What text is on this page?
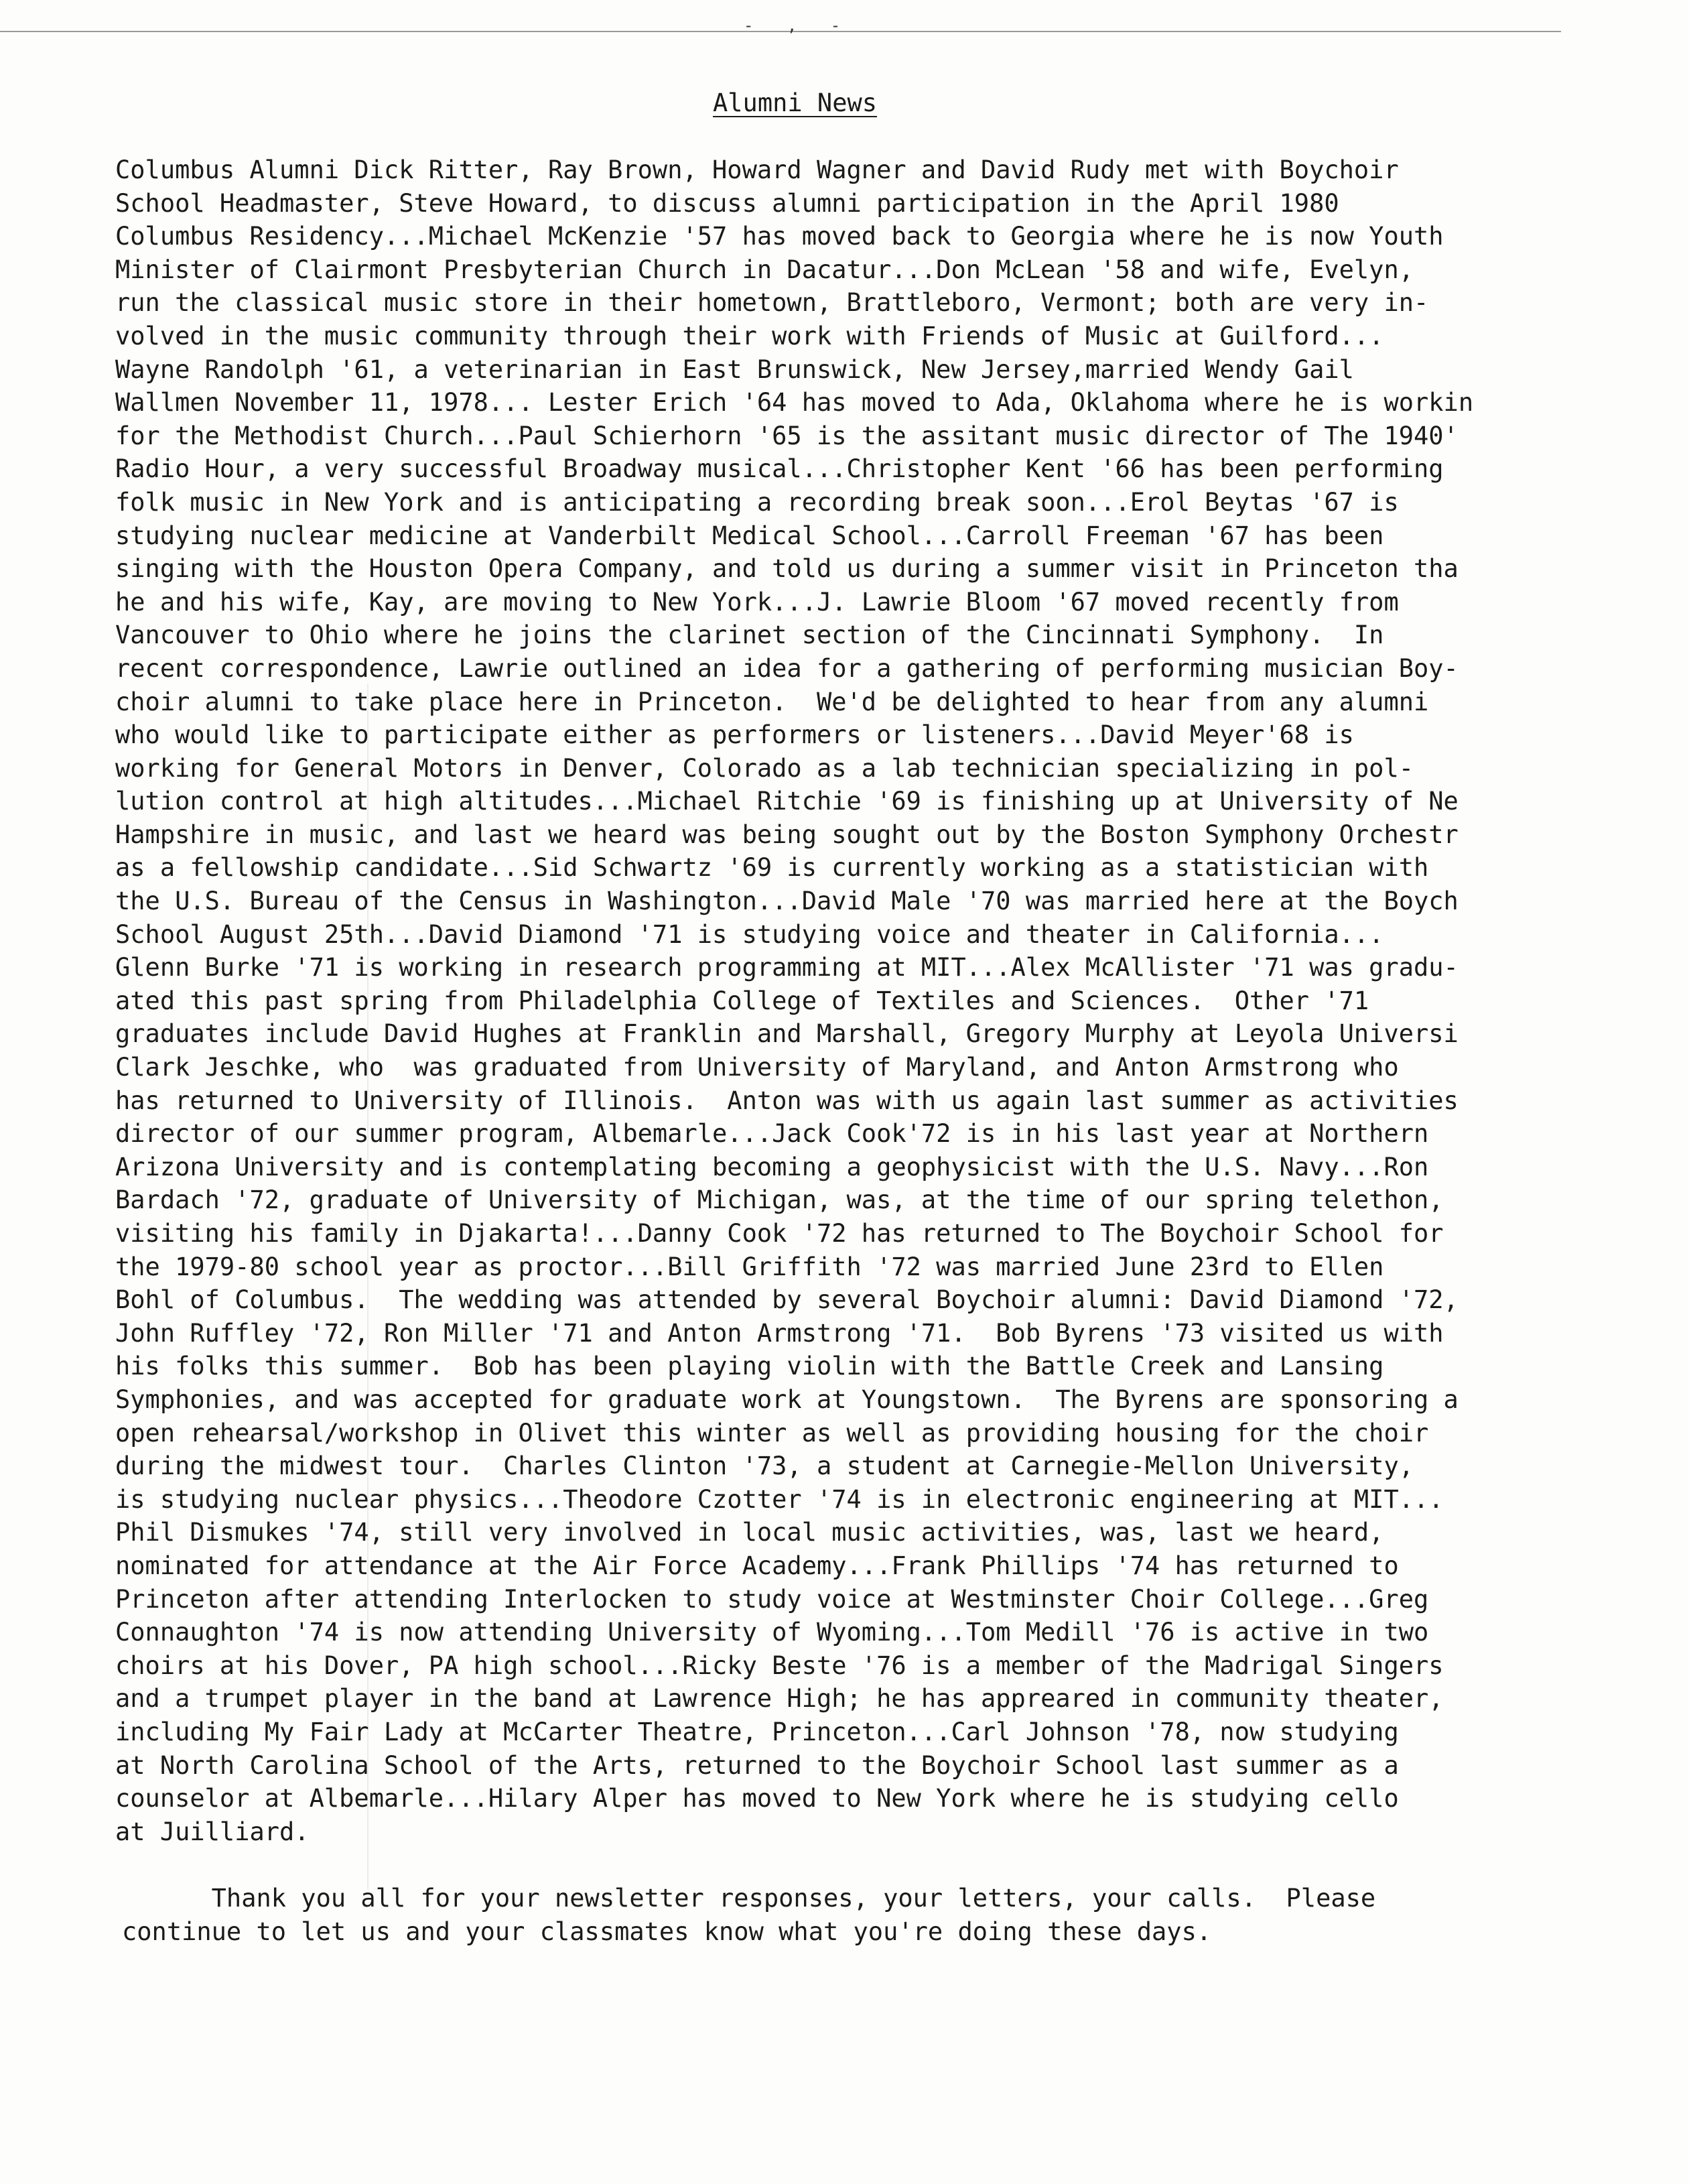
- , -
Alumni News
Columbus Alumni Dick Ritter, Ray Brown, Howard Wagner and David Rudy met with Boychoir
School Headmaster, Steve Howard, to discuss alumni participation in the April 1980
Columbus Residency...Michael McKenzie '57 has moved back to Georgia where he is now Youth
Minister of Clairmont Presbyterian Church in Dacatur...Don McLean '58 and wife, Evelyn,
run the classical music store in their hometown, Brattleboro, Vermont; both are very in-
volved in the music community through their work with Friends of Music at Guilford...
Wayne Randolph '61, a veterinarian in East Brunswick, New Jersey,married Wendy Gail
Wallmen November 11, 1978... Lester Erich '64 has moved to Ada, Oklahoma where he is workin
for the Methodist Church...Paul Schierhorn '65 is the assitant music director of The 1940'
Radio Hour, a very successful Broadway musical...Christopher Kent '66 has been performing
folk music in New York and is anticipating a recording break soon...Erol Beytas '67 is
studying nuclear medicine at Vanderbilt Medical School...Carroll Freeman '67 has been
singing with the Houston Opera Company, and told us during a summer visit in Princeton tha
he and his wife, Kay, are moving to New York...J. Lawrie Bloom '67 moved recently from
Vancouver to Ohio where he joins the clarinet section of the Cincinnati Symphony.  In
recent correspondence, Lawrie outlined an idea for a gathering of performing musician Boy-
choir alumni to take place here in Princeton.  We'd be delighted to hear from any alumni
who would like to participate either as performers or listeners...David Meyer'68 is
working for General Motors in Denver, Colorado as a lab technician specializing in pol-
lution control at high altitudes...Michael Ritchie '69 is finishing up at University of Ne
Hampshire in music, and last we heard was being sought out by the Boston Symphony Orchestr
as a fellowship candidate...Sid Schwartz '69 is currently working as a statistician with
the U.S. Bureau of the Census in Washington...David Male '70 was married here at the Boych
School August 25th...David Diamond '71 is studying voice and theater in California...
Glenn Burke '71 is working in research programming at MIT...Alex McAllister '71 was gradu-
ated this past spring from Philadelphia College of Textiles and Sciences.  Other '71
graduates include David Hughes at Franklin and Marshall, Gregory Murphy at Leyola Universi
Clark Jeschke, who  was graduated from University of Maryland, and Anton Armstrong who
has returned to University of Illinois.  Anton was with us again last summer as activities
director of our summer program, Albemarle...Jack Cook'72 is in his last year at Northern
Arizona University and is contemplating becoming a geophysicist with the U.S. Navy...Ron
Bardach '72, graduate of University of Michigan, was, at the time of our spring telethon,
visiting his family in Djakarta!...Danny Cook '72 has returned to The Boychoir School for
the 1979-80 school year as proctor...Bill Griffith '72 was married June 23rd to Ellen
Bohl of Columbus.  The wedding was attended by several Boychoir alumni: David Diamond '72,
John Ruffley '72, Ron Miller '71 and Anton Armstrong '71.  Bob Byrens '73 visited us with
his folks this summer.  Bob has been playing violin with the Battle Creek and Lansing
Symphonies, and was accepted for graduate work at Youngstown.  The Byrens are sponsoring a
open rehearsal/workshop in Olivet this winter as well as providing housing for the choir
during the midwest tour.  Charles Clinton '73, a student at Carnegie-Mellon University,
is studying nuclear physics...Theodore Czotter '74 is in electronic engineering at MIT...
Phil Dismukes '74, still very involved in local music activities, was, last we heard,
nominated for attendance at the Air Force Academy...Frank Phillips '74 has returned to
Princeton after attending Interlocken to study voice at Westminster Choir College...Greg
Connaughton '74 is now attending University of Wyoming...Tom Medill '76 is active in two
choirs at his Dover, PA high school...Ricky Beste '76 is a member of the Madrigal Singers
and a trumpet player in the band at Lawrence High; he has appreared in community theater,
including My Fair Lady at McCarter Theatre, Princeton...Carl Johnson '78, now studying
at North Carolina School of the Arts, returned to the Boychoir School last summer as a
counselor at Albemarle...Hilary Alper has moved to New York where he is studying cello
at Juilliard.
Thank you all for your newsletter responses, your letters, your calls.  Please
continue to let us and your classmates know what you're doing these days.
